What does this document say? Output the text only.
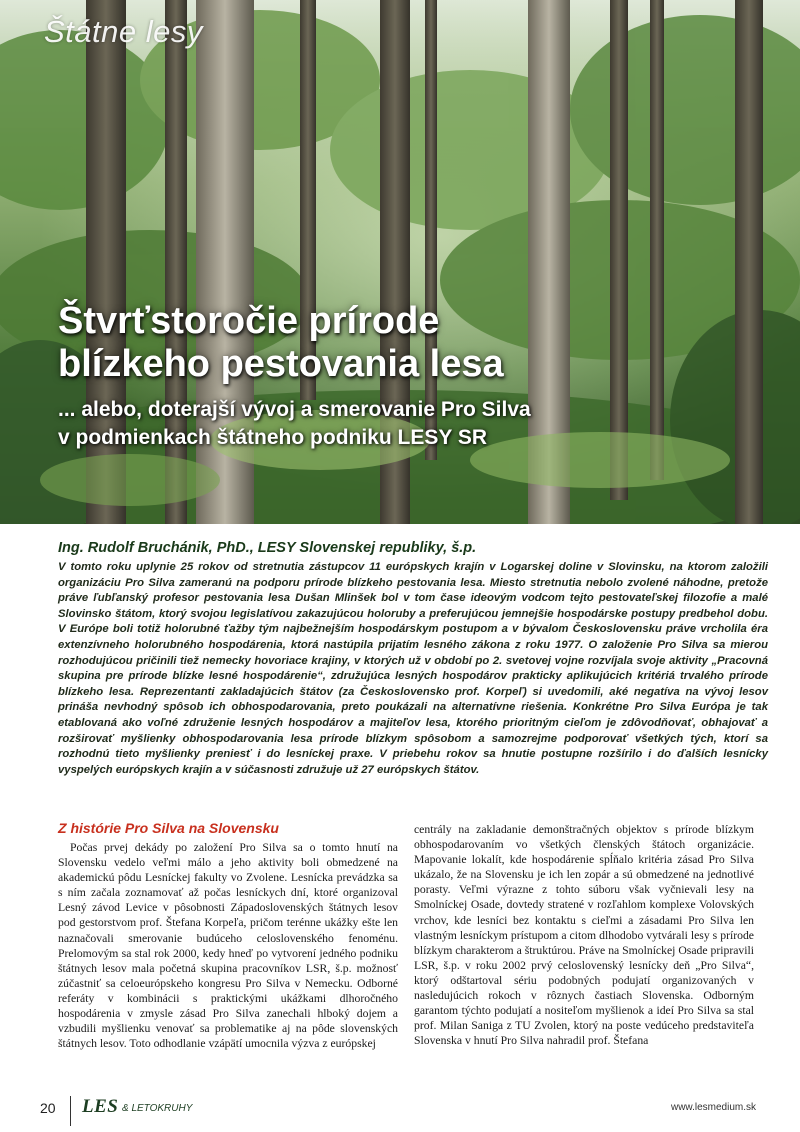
Štátne lesy
Štvrťstoročie prírode
blízkeho pestovania lesa
... alebo, doterajší vývoj a smerovanie Pro Silva
v podmienkach štátneho podniku LESY SR
Ing. Rudolf Bruchánik, PhD., LESY Slovenskej republiky, š.p.
V tomto roku uplynie 25 rokov od stretnutia zástupcov 11 európskych krajín v Logarskej doline v Slovinsku, na ktorom založili organizáciu Pro Silva zameranú na podporu prírode blízkeho pestovania lesa. Miesto stretnutia nebolo zvolené náhodne, pretože práve ľubľanský profesor pestovania lesa Dušan Mlinšek bol v tom čase ideovým vodcom tejto pestovateľskej filozofie a malé Slovinsko štátom, ktorý svojou legislatívou zakazujúcou holoruby a preferujúcou jemnejšie hospodárske postupy predbehol dobu. V Európe boli totiž holorubné ťažby tým najbežnejším hospodárskym postupom a v bývalom Československu práve vrcholila éra extenzívneho holorubného hospodárenia, ktorá nastúpila prijatím lesného zákona z roku 1977. O založenie Pro Silva sa mierou rozhodujúcou pričinili tiež nemecky hovoriace krajiny, v ktorých už v období po 2. svetovej vojne rozvíjala svoje aktivity „Pracovná skupina pre prírode blízke lesné hospodárenie“, združujúca lesných hospodárov prakticky aplikujúcich kritériá trvalého prírode blízkeho lesa. Reprezentanti zakladajúcich štátov (za Československo prof. Korpeľ) si uvedomili, aké negatíva na vývoj lesov prináša nevhodný spôsob ich obhospodarovania, preto poukázali na alternatívne riešenia. Konkrétne Pro Silva Európa je tak etablovaná ako voľné združenie lesných hospodárov a majiteľov lesa, ktorého prioritným cieľom je zdôvodňovať, obhajovať a rozširovať myšlienky obhospodarovania lesa prírode blízkym spôsobom a samozrejme podporovať všetkých tých, ktorí sa rozhodnú tieto myšlienky preniesť i do lesníckej praxe. V priebehu rokov sa hnutie postupne rozšírilo i do ďalších lesnícky vyspelých európskych krajín a v súčasnosti združuje už 27 európskych štátov.
Z histórie Pro Silva na Slovensku

Počas prvej dekády po založení Pro Silva sa o tomto hnutí na Slovensku vedelo veľmi málo a jeho aktivity boli obmedzené na akademickú pôdu Lesníckej fakulty vo Zvolene. Lesnícka prevádzka sa s ním začala zoznamovať až počas lesníckych dní, ktoré organizoval Lesný závod Levice v pôsobnosti Západoslovenských štátnych lesov pod gestorstvom prof. Štefana Korpeľa, pričom terénne ukážky ešte len naznačovali smerovanie budúceho celoslovenského fenoménu. Prelomovým sa stal rok 2000, kedy hneď po vytvorení jedného podniku štátnych lesov mala početná skupina pracovníkov LSR, š.p. možnosť zúčastniť sa celoeurópskeho kongresu Pro Silva v Nemecku. Odborné referáty v kombinácii s praktickými ukážkami dlhoročného hospodárenia v zmysle zásad Pro Silva zanechali hlboký dojem a vzbudili myšlienku venovať sa problematike aj na pôde slovenských štátnych lesov. Toto odhodlanie vzápätí umocnila výzva z európskej

centrály na zakladanie demonštračných objektov s prírode blízkym obhospodarovaním vo všetkých členských štátoch organizácie. Mapovanie lokalít, kde hospodárenie spĺňalo kritéria zásad Pro Silva ukázalo, že na Slovensku je ich len zopár a sú obmedzené na jednotlivé porasty. Veľmi výrazne z tohto súboru však vyčnievali lesy na Smolníckej Osade, dovtedy stratené v rozľahlom komplexe Volovských vrchov, kde lesníci bez kontaktu s cieľmi a zásadami Pro Silva len vlastným lesníckym prístupom a citom dlhodobo vytvárali lesy s prírode blízkym charakterom a štruktúrou. Práve na Smolníckej Osade pripravili LSR, š.p. v roku 2002 prvý celoslovenský lesnícky deň „Pro Silva“, ktorý odštartoval sériu podobných podujatí organizovaných v nasledujúcich rokoch v rôznych častiach Slovenska. Odborným garantom týchto podujatí a nositeľom myšlienok a ideí Pro Silva sa stal prof. Milan Saniga z TU Zvolen, ktorý na poste vedúceho predstaviteľa Slovenska v hnutí Pro Silva nahradil prof. Štefana

20 LES & LETOKRUHY	www.lesmedium.sk
